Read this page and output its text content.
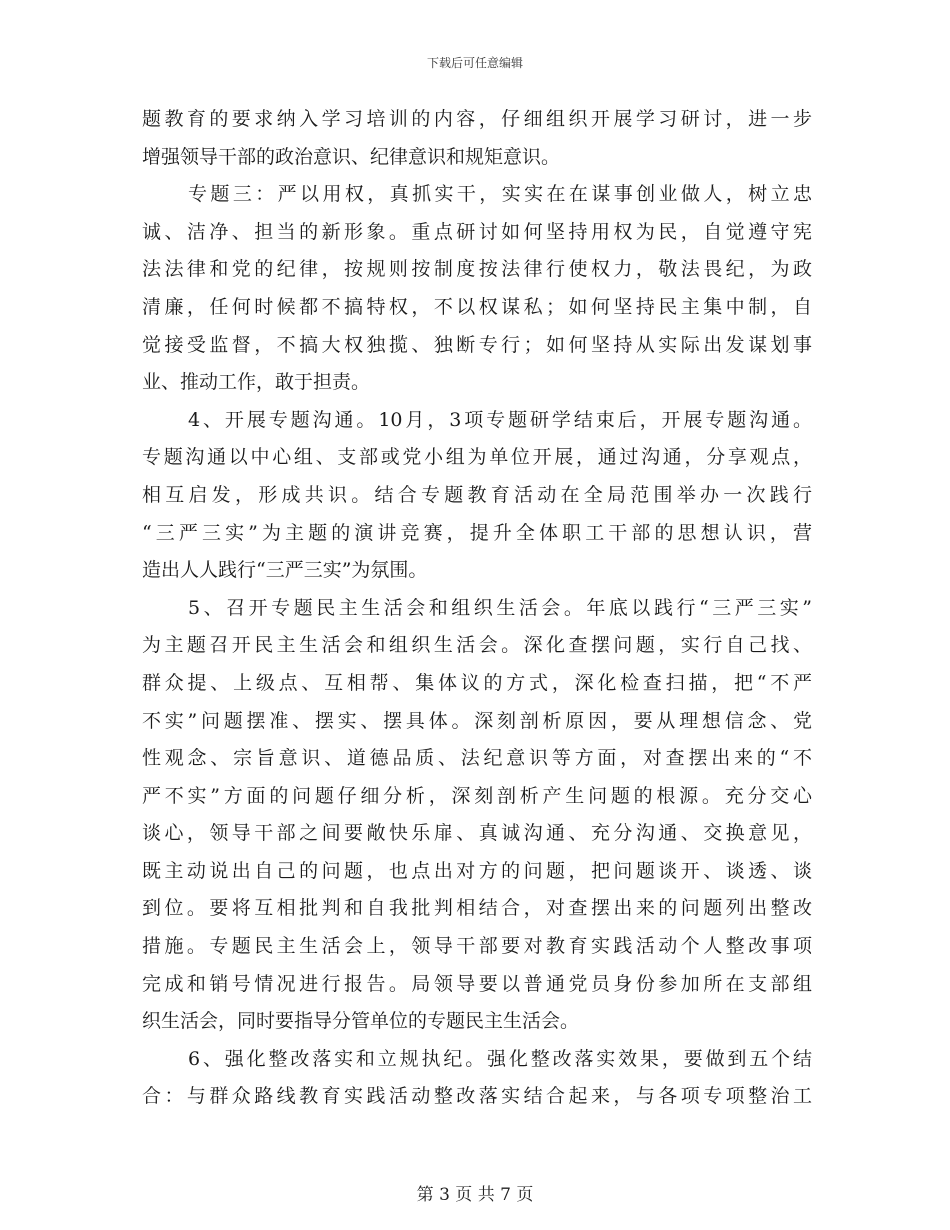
下载后可任意编辑
题教育的要求纳入学习培训的内容，仔细组织开展学习研讨，进一步
增强领导干部的政治意识、纪律意识和规矩意识。
专题三：严以用权，真抓实干，实实在在谋事创业做人，树立忠
诚、洁净、担当的新形象。重点研讨如何坚持用权为民，自觉遵守宪
法法律和党的纪律，按规则按制度按法律行使权力，敬法畏纪，为政
清廉，任何时候都不搞特权，不以权谋私；如何坚持民主集中制，自
觉接受监督，不搞大权独揽、独断专行；如何坚持从实际出发谋划事
业、推动工作，敢于担责。
4、开展专题沟通。10月，3项专题研学结束后，开展专题沟通。
专题沟通以中心组、支部或党小组为单位开展，通过沟通，分享观点，
相互启发，形成共识。结合专题教育活动在全局范围举办一次践行
“三严三实”为主题的演讲竞赛，提升全体职工干部的思想认识，营
造出人人践行“三严三实”为氛围。
5、召开专题民主生活会和组织生活会。年底以践行“三严三实”
为主题召开民主生活会和组织生活会。深化查摆问题，实行自己找、
群众提、上级点、互相帮、集体议的方式，深化检查扫描，把“不严
不实”问题摆准、摆实、摆具体。深刻剖析原因，要从理想信念、党
性观念、宗旨意识、道德品质、法纪意识等方面，对查摆出来的“不
严不实”方面的问题仔细分析，深刻剖析产生问题的根源。充分交心
谈心，领导干部之间要敞快乐扉、真诚沟通、充分沟通、交换意见，
既主动说出自己的问题，也点出对方的问题，把问题谈开、谈透、谈
到位。要将互相批判和自我批判相结合，对查摆出来的问题列出整改
措施。专题民主生活会上，领导干部要对教育实践活动个人整改事项
完成和销号情况进行报告。局领导要以普通党员身份参加所在支部组
织生活会，同时要指导分管单位的专题民主生活会。
6、强化整改落实和立规执纪。强化整改落实效果，要做到五个结
合：与群众路线教育实践活动整改落实结合起来，与各项专项整治工
第 3 页 共 7 页
